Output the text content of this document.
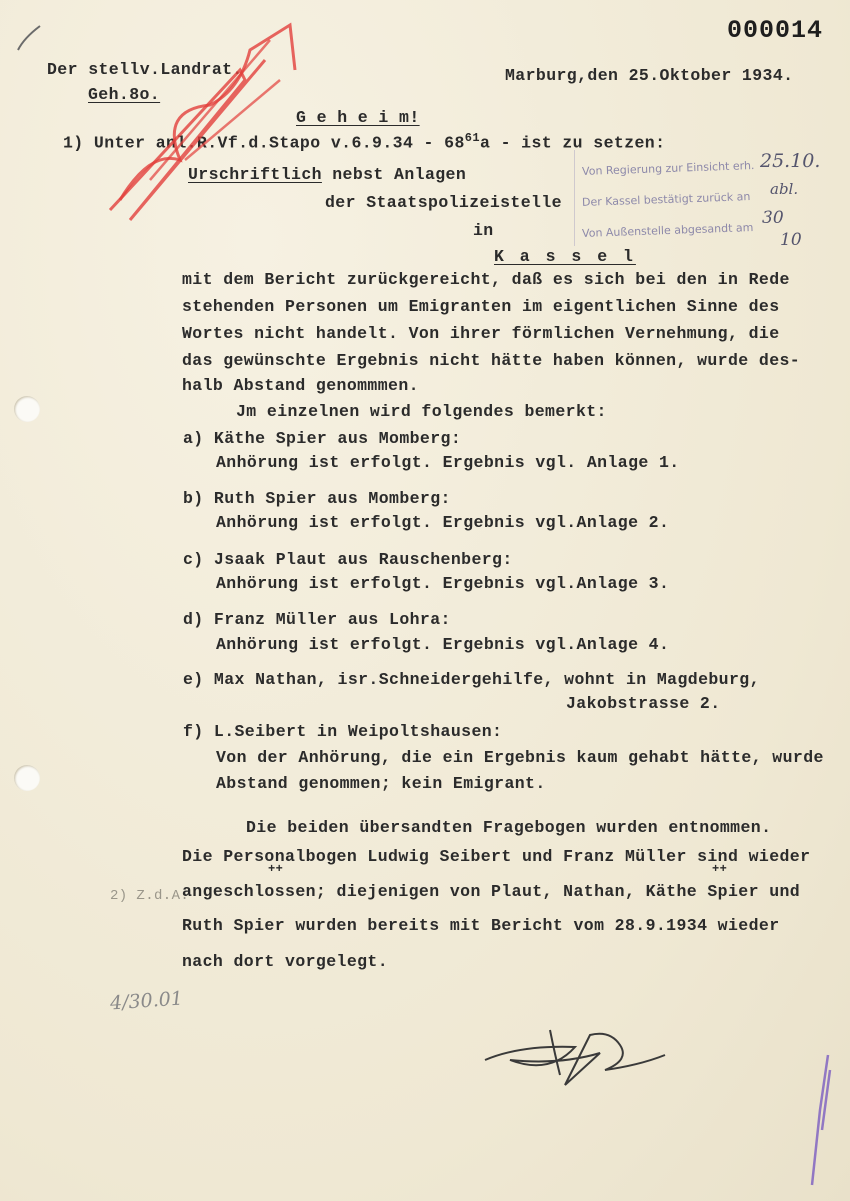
000014
Der stellv.Landrat.
Geh.8o.
Marburg,den 25.Oktober 1934.
G e h e i m!
1) Unter anl.R.Vf.d.Stapo $v.6.9.34 - 68^{61}a$ - ist zu setzen:
Urschriftlich nebst Anlagen
der Staatspolizeistelle
in
K a s s e l
Von Regierung zur Einsicht erh.
Der Kassel bestätigt zurück an
Von Außenstelle abgesandt am
25.10.
abl.
30
10
mit dem Bericht zurückgereicht, daß es sich bei den in Rede
stehenden Personen um Emigranten im eigentlichen Sinne des
Wortes nicht handelt. Von ihrer förmlichen Vernehmung, die
das gewünschte Ergebnis nicht hätte haben können, wurde des-
halb Abstand genommmen.
Jm einzelnen wird folgendes bemerkt:
a) Käthe Spier aus Momberg:
Anhörung ist erfolgt. Ergebnis vgl. Anlage 1.
b) Ruth Spier aus Momberg:
Anhörung ist erfolgt. Ergebnis vgl.Anlage 2.
c) Jsaak Plaut aus Rauschenberg:
Anhörung ist erfolgt. Ergebnis vgl.Anlage 3.
d) Franz Müller aus Lohra:
Anhörung ist erfolgt. Ergebnis vgl.Anlage 4.
e) Max Nathan, isr.Schneidergehilfe, wohnt in Magdeburg,
Jakobstrasse 2.
f) L.Seibert in Weipoltshausen:
Von der Anhörung, die ein Ergebnis kaum gehabt hätte, wurde
Abstand genommen; kein Emigrant.
Die beiden übersandten Fragebogen wurden entnommen.
Die Personalbogen Ludwig Seibert und Franz Müller sind wieder
++	++
2) Z.d.A.
angeschlossen; diejenigen von Plaut, Nathan, Käthe Spier und
Ruth Spier wurden bereits mit Bericht vom 28.9.1934 wieder
nach dort vorgelegt.
4/30.01
